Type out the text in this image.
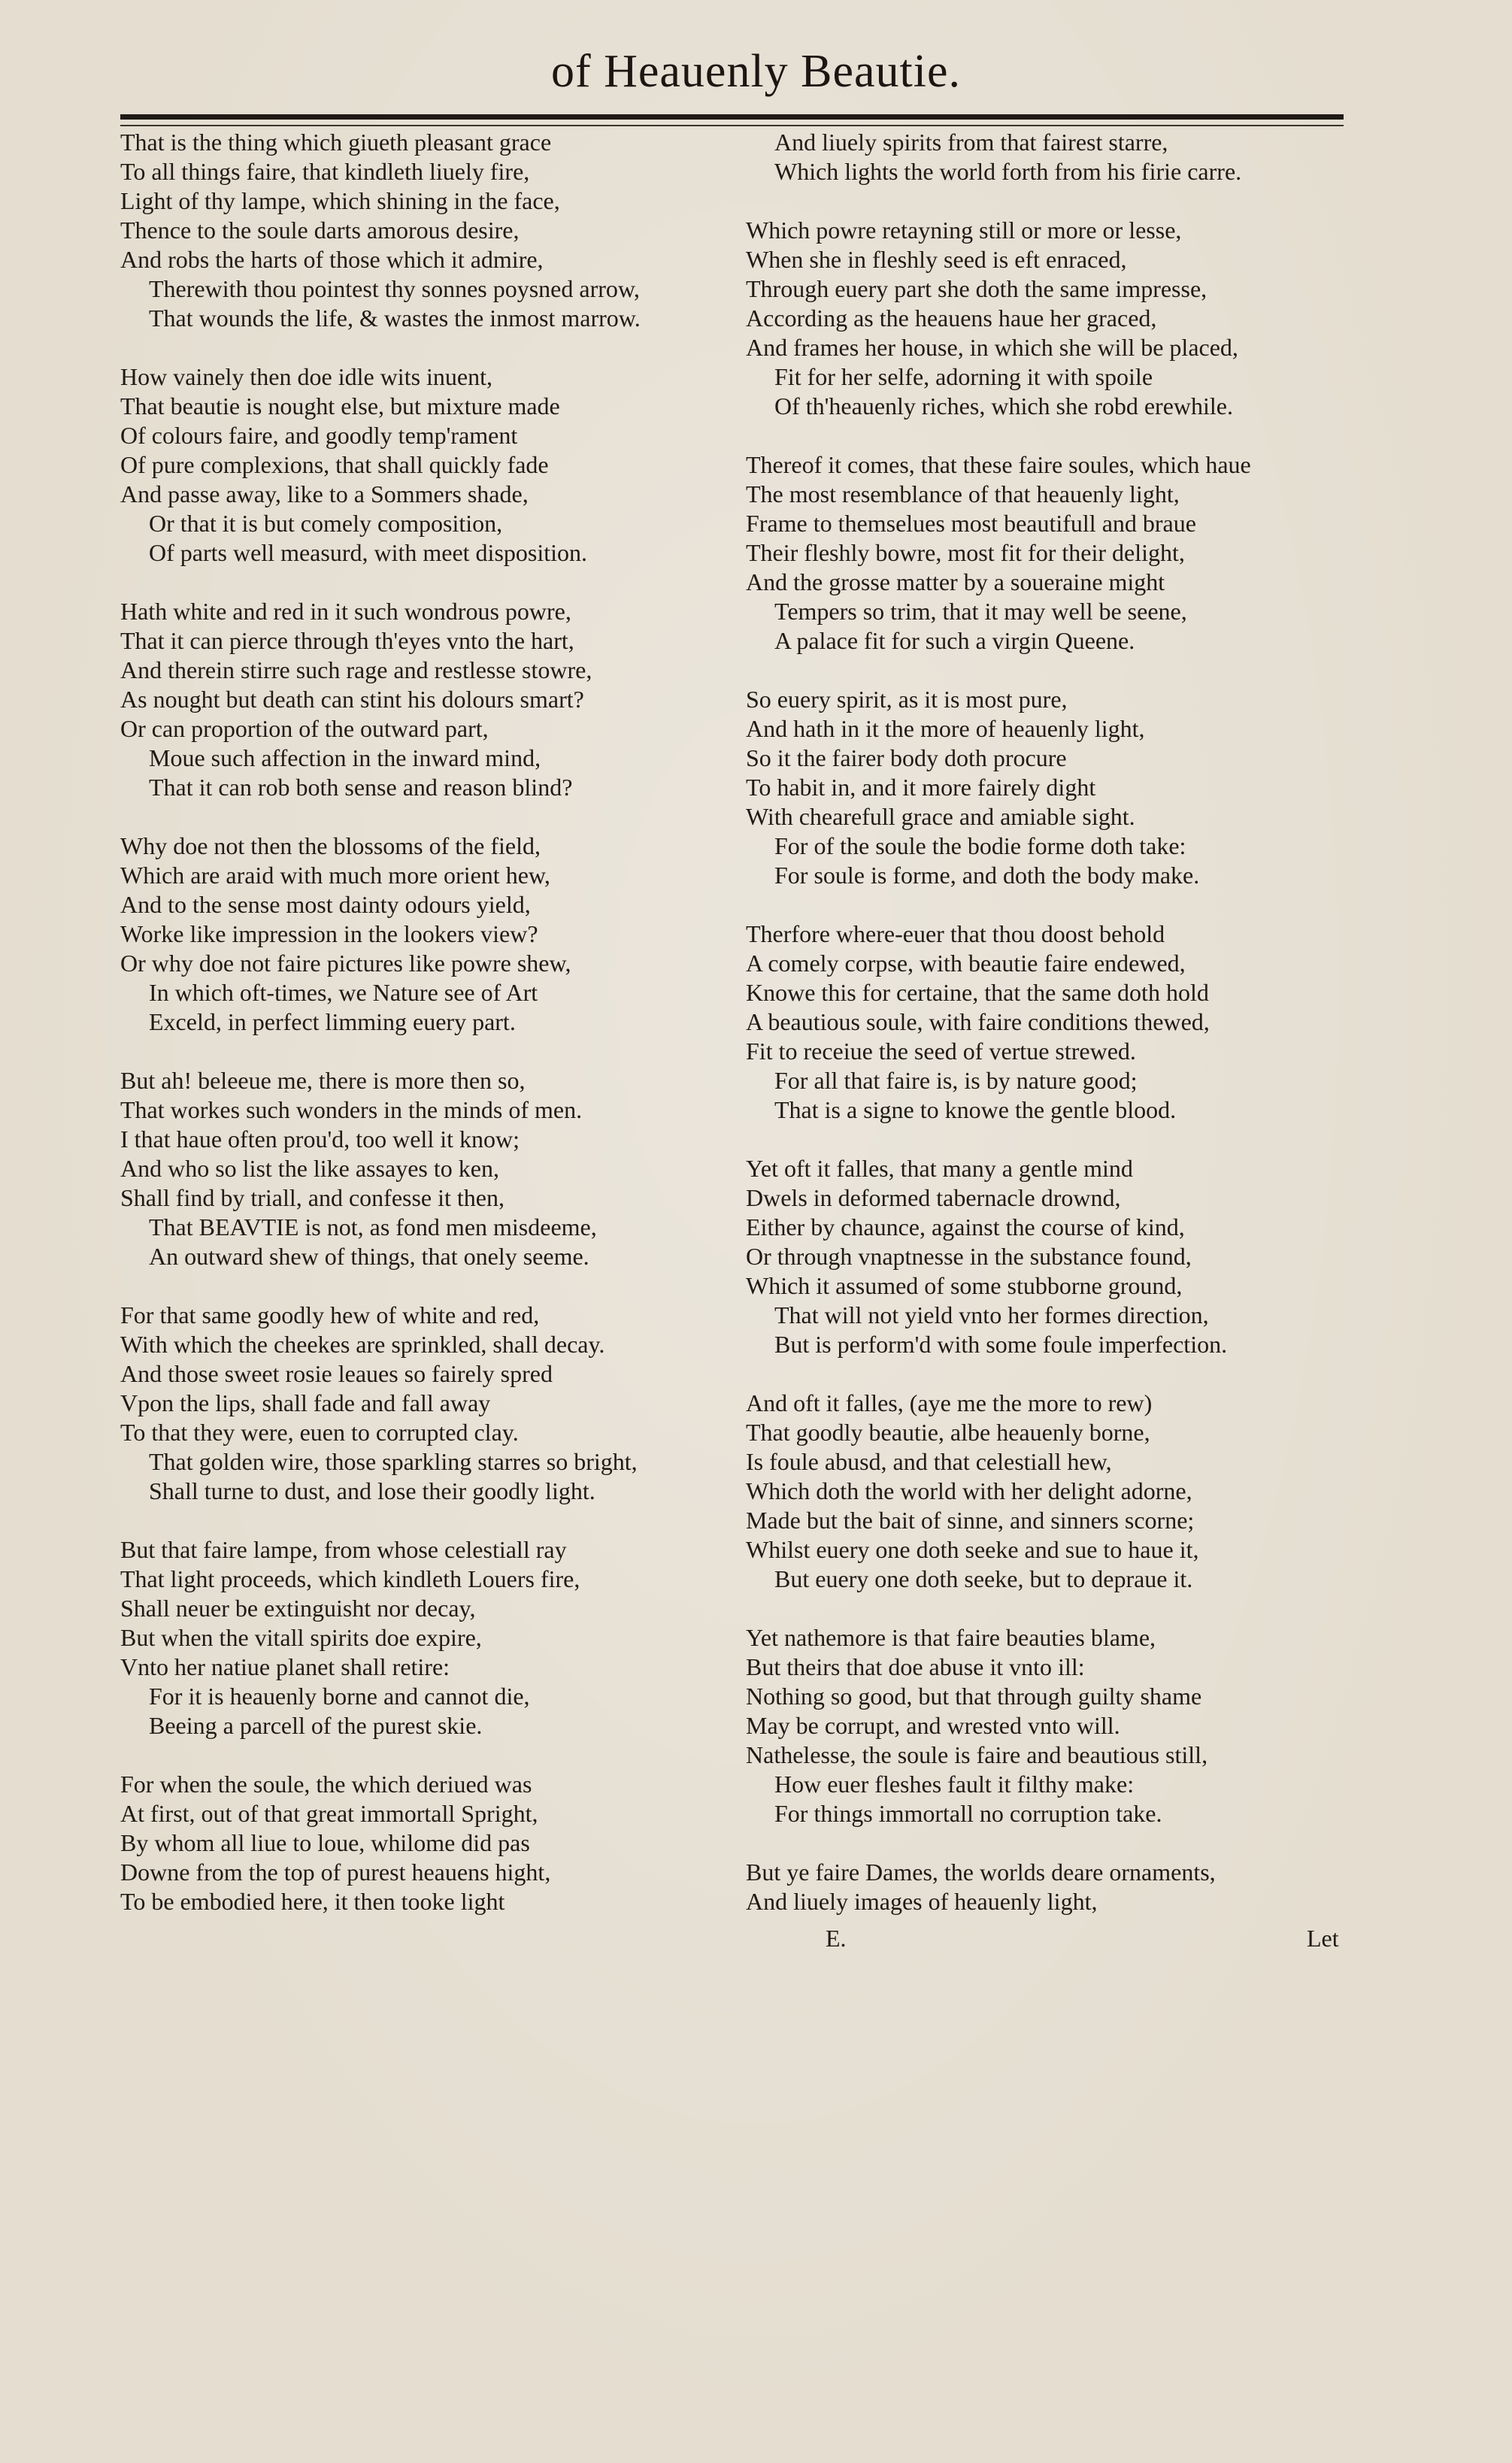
of Heauenly Beautie.
That is the thing which giueth pleasant grace
To all things faire, that kindleth liuely fire,
Light of thy lampe, which shining in the face,
Thence to the soule darts amorous desire,
And robs the harts of those which it admire,
Therewith thou pointest thy sonnes poysned arrow,
That wounds the life, & wastes the inmost marrow.
How vainely then doe idle wits inuent,
That beautie is nought else, but mixture made
Of colours faire, and goodly temp'rament
Of pure complexions, that shall quickly fade
And passe away, like to a Sommers shade,
Or that it is but comely composition,
Of parts well measurd, with meet disposition.
Hath white and red in it such wondrous powre,
That it can pierce through th'eyes vnto the hart,
And therein stirre such rage and restlesse stowre,
As nought but death can stint his dolours smart?
Or can proportion of the outward part,
Moue such affection in the inward mind,
That it can rob both sense and reason blind?
Why doe not then the blossoms of the field,
Which are araid with much more orient hew,
And to the sense most dainty odours yield,
Worke like impression in the lookers view?
Or why doe not faire pictures like powre shew,
In which oft-times, we Nature see of Art
Exceld, in perfect limming euery part.
But ah! beleeue me, there is more then so,
That workes such wonders in the minds of men.
I that haue often prou'd, too well it know;
And who so list the like assayes to ken,
Shall find by triall, and confesse it then,
That BEAVTIE is not, as fond men misdeeme,
An outward shew of things, that onely seeme.
For that same goodly hew of white and red,
With which the cheekes are sprinkled, shall decay.
And those sweet rosie leaues so fairely spred
Vpon the lips, shall fade and fall away
To that they were, euen to corrupted clay.
That golden wire, those sparkling starres so bright,
Shall turne to dust, and lose their goodly light.
But that faire lampe, from whose celestiall ray
That light proceeds, which kindleth Louers fire,
Shall neuer be extinguisht nor decay,
But when the vitall spirits doe expire,
Vnto her natiue planet shall retire:
For it is heauenly borne and cannot die,
Beeing a parcell of the purest skie.
For when the soule, the which deriued was
At first, out of that great immortall Spright,
By whom all liue to loue, whilome did pas
Downe from the top of purest heauens hight,
To be embodied here, it then tooke light
And liuely spirits from that fairest starre,
Which lights the world forth from his firie carre.
Which powre retayning still or more or lesse,
When she in fleshly seed is eft enraced,
Through euery part she doth the same impresse,
According as the heauens haue her graced,
And frames her house, in which she will be placed,
Fit for her selfe, adorning it with spoile
Of th'heauenly riches, which she robd erewhile.
Thereof it comes, that these faire soules, which haue
The most resemblance of that heauenly light,
Frame to themselues most beautifull and braue
Their fleshly bowre, most fit for their delight,
And the grosse matter by a soueraine might
Tempers so trim, that it may well be seene,
A palace fit for such a virgin Queene.
So euery spirit, as it is most pure,
And hath in it the more of heauenly light,
So it the fairer body doth procure
To habit in, and it more fairely dight
With chearefull grace and amiable sight.
For of the soule the bodie forme doth take:
For soule is forme, and doth the body make.
Therfore where-euer that thou doost behold
A comely corpse, with beautie faire endewed,
Knowe this for certaine, that the same doth hold
A beautious soule, with faire conditions thewed,
Fit to receiue the seed of vertue strewed.
For all that faire is, is by nature good;
That is a signe to knowe the gentle blood.
Yet oft it falles, that many a gentle mind
Dwels in deformed tabernacle drownd,
Either by chaunce, against the course of kind,
Or through vnaptnesse in the substance found,
Which it assumed of some stubborne ground,
That will not yield vnto her formes direction,
But is perform'd with some foule imperfection.
And oft it falles, (aye me the more to rew)
That goodly beautie, albe heauenly borne,
Is foule abusd, and that celestiall hew,
Which doth the world with her delight adorne,
Made but the bait of sinne, and sinners scorne;
Whilst euery one doth seeke and sue to haue it,
But euery one doth seeke, but to depraue it.
Yet nathemore is that faire beauties blame,
But theirs that doe abuse it vnto ill:
Nothing so good, but that through guilty shame
May be corrupt, and wrested vnto will.
Nathelesse, the soule is faire and beautious still,
How euer fleshes fault it filthy make:
For things immortall no corruption take.
But ye faire Dames, the worlds deare ornaments,
And liuely images of heauenly light,
E.	Let
